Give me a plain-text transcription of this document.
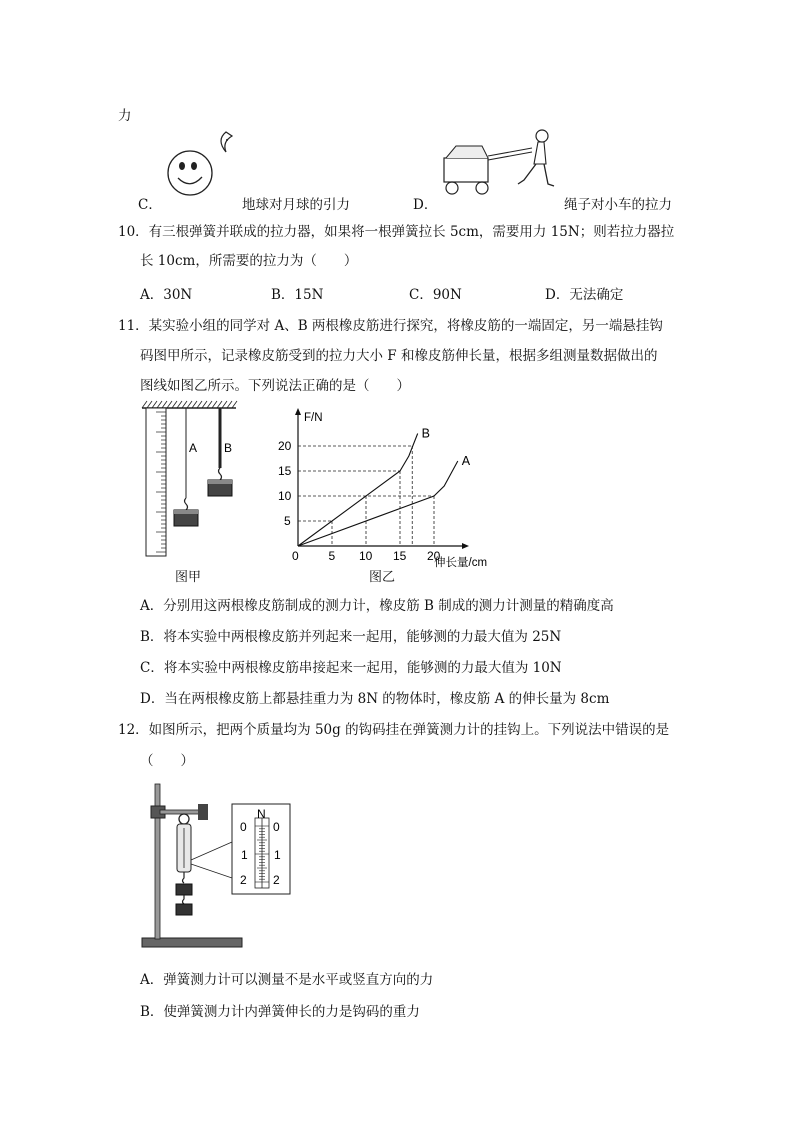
力
C．	地球对月球的引力	D．	绳子对小车的拉力
10．有三根弹簧并联成的拉力器，如果将一根弹簧拉长 5cm，需要用力 15N；则若拉力器拉
长 10cm，所需要的拉力为（　　）
A．30N	B．15N	C．90N	D．无法确定
11．某实验小组的同学对 A、B 两根橡皮筋进行探究，将橡皮筋的一端固定，另一端悬挂钩
码图甲所示，记录橡皮筋受到的拉力大小 F 和橡皮筋伸长量，根据多组测量数据做出的
图线如图乙所示。下列说法正确的是（　　）
A B
图甲
F/N
伸长量/cm
0 5 10 15 20
5
10
15
20
A
B
图乙
A．分别用这两根橡皮筋制成的测力计，橡皮筋 B 制成的测力计测量的精确度高
B．将本实验中两根橡皮筋并列起来一起用，能够测的力最大值为 25N
C．将本实验中两根橡皮筋串接起来一起用，能够测的力最大值为 10N
D．当在两根橡皮筋上都悬挂重力为 8N 的物体时，橡皮筋 A 的伸长量为 8cm
12．如图所示，把两个质量均为 50g 的钩码挂在弹簧测力计的挂钩上。下列说法中错误的是
（　　）
N
0
1
2
0
1
2
A．弹簧测力计可以测量不是水平或竖直方向的力
B．使弹簧测力计内弹簧伸长的力是钩码的重力
